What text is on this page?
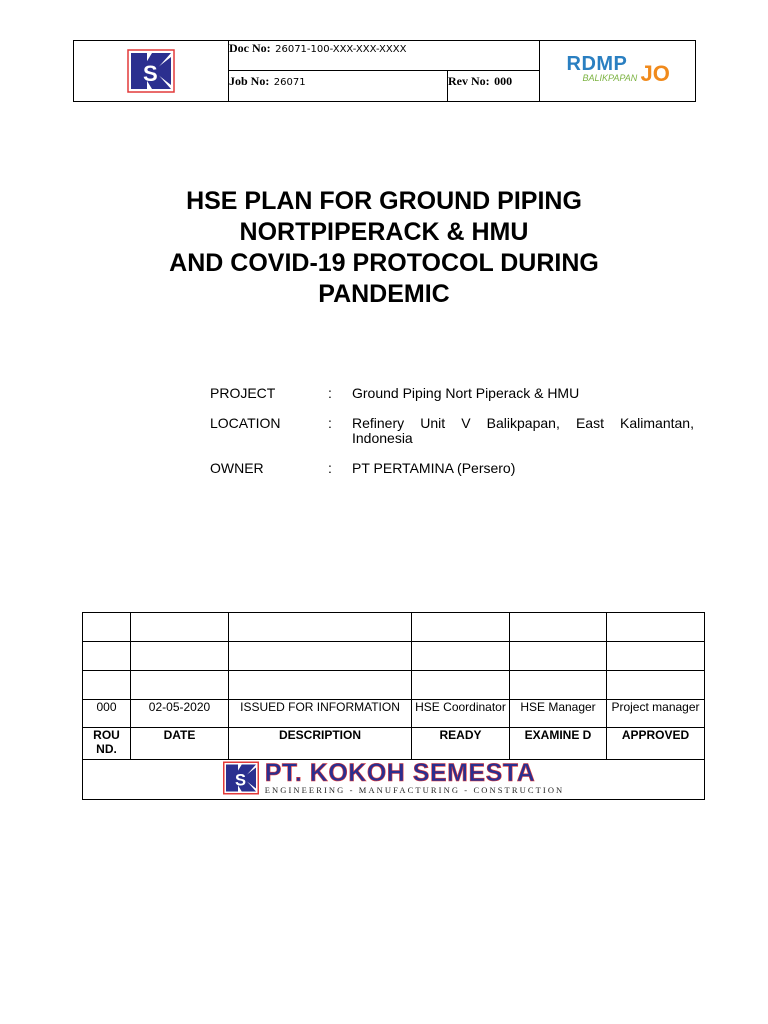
S	Doc No: 26071-100-XXX-XXX-XXXX		RDMP
BALIKPAPAN JO

	Job No: 26071	Rev No: 000	
HSE PLAN FOR GROUND PIPING
NORTPIPERACK & HMU
AND COVID-19 PROTOCOL DURING
PANDEMIC
PROJECT	: Ground Piping Nort Piperack & HMU
LOCATION	: Refinery Unit V Balikpapan, East Kalimantan, Indonesia
OWNER	: PT PERTAMINA (Persero)

000	02-05-2020	ISSUED FOR INFORMATION	HSE Coordinator	HSE Manager	Project manager
ROU ND.	DATE	DESCRIPTION	READY	EXAMINE D	APPROVED

S PT. KOKOH SEMESTA
ENGINEERING - MANUFACTURING - CONSTRUCTION					
